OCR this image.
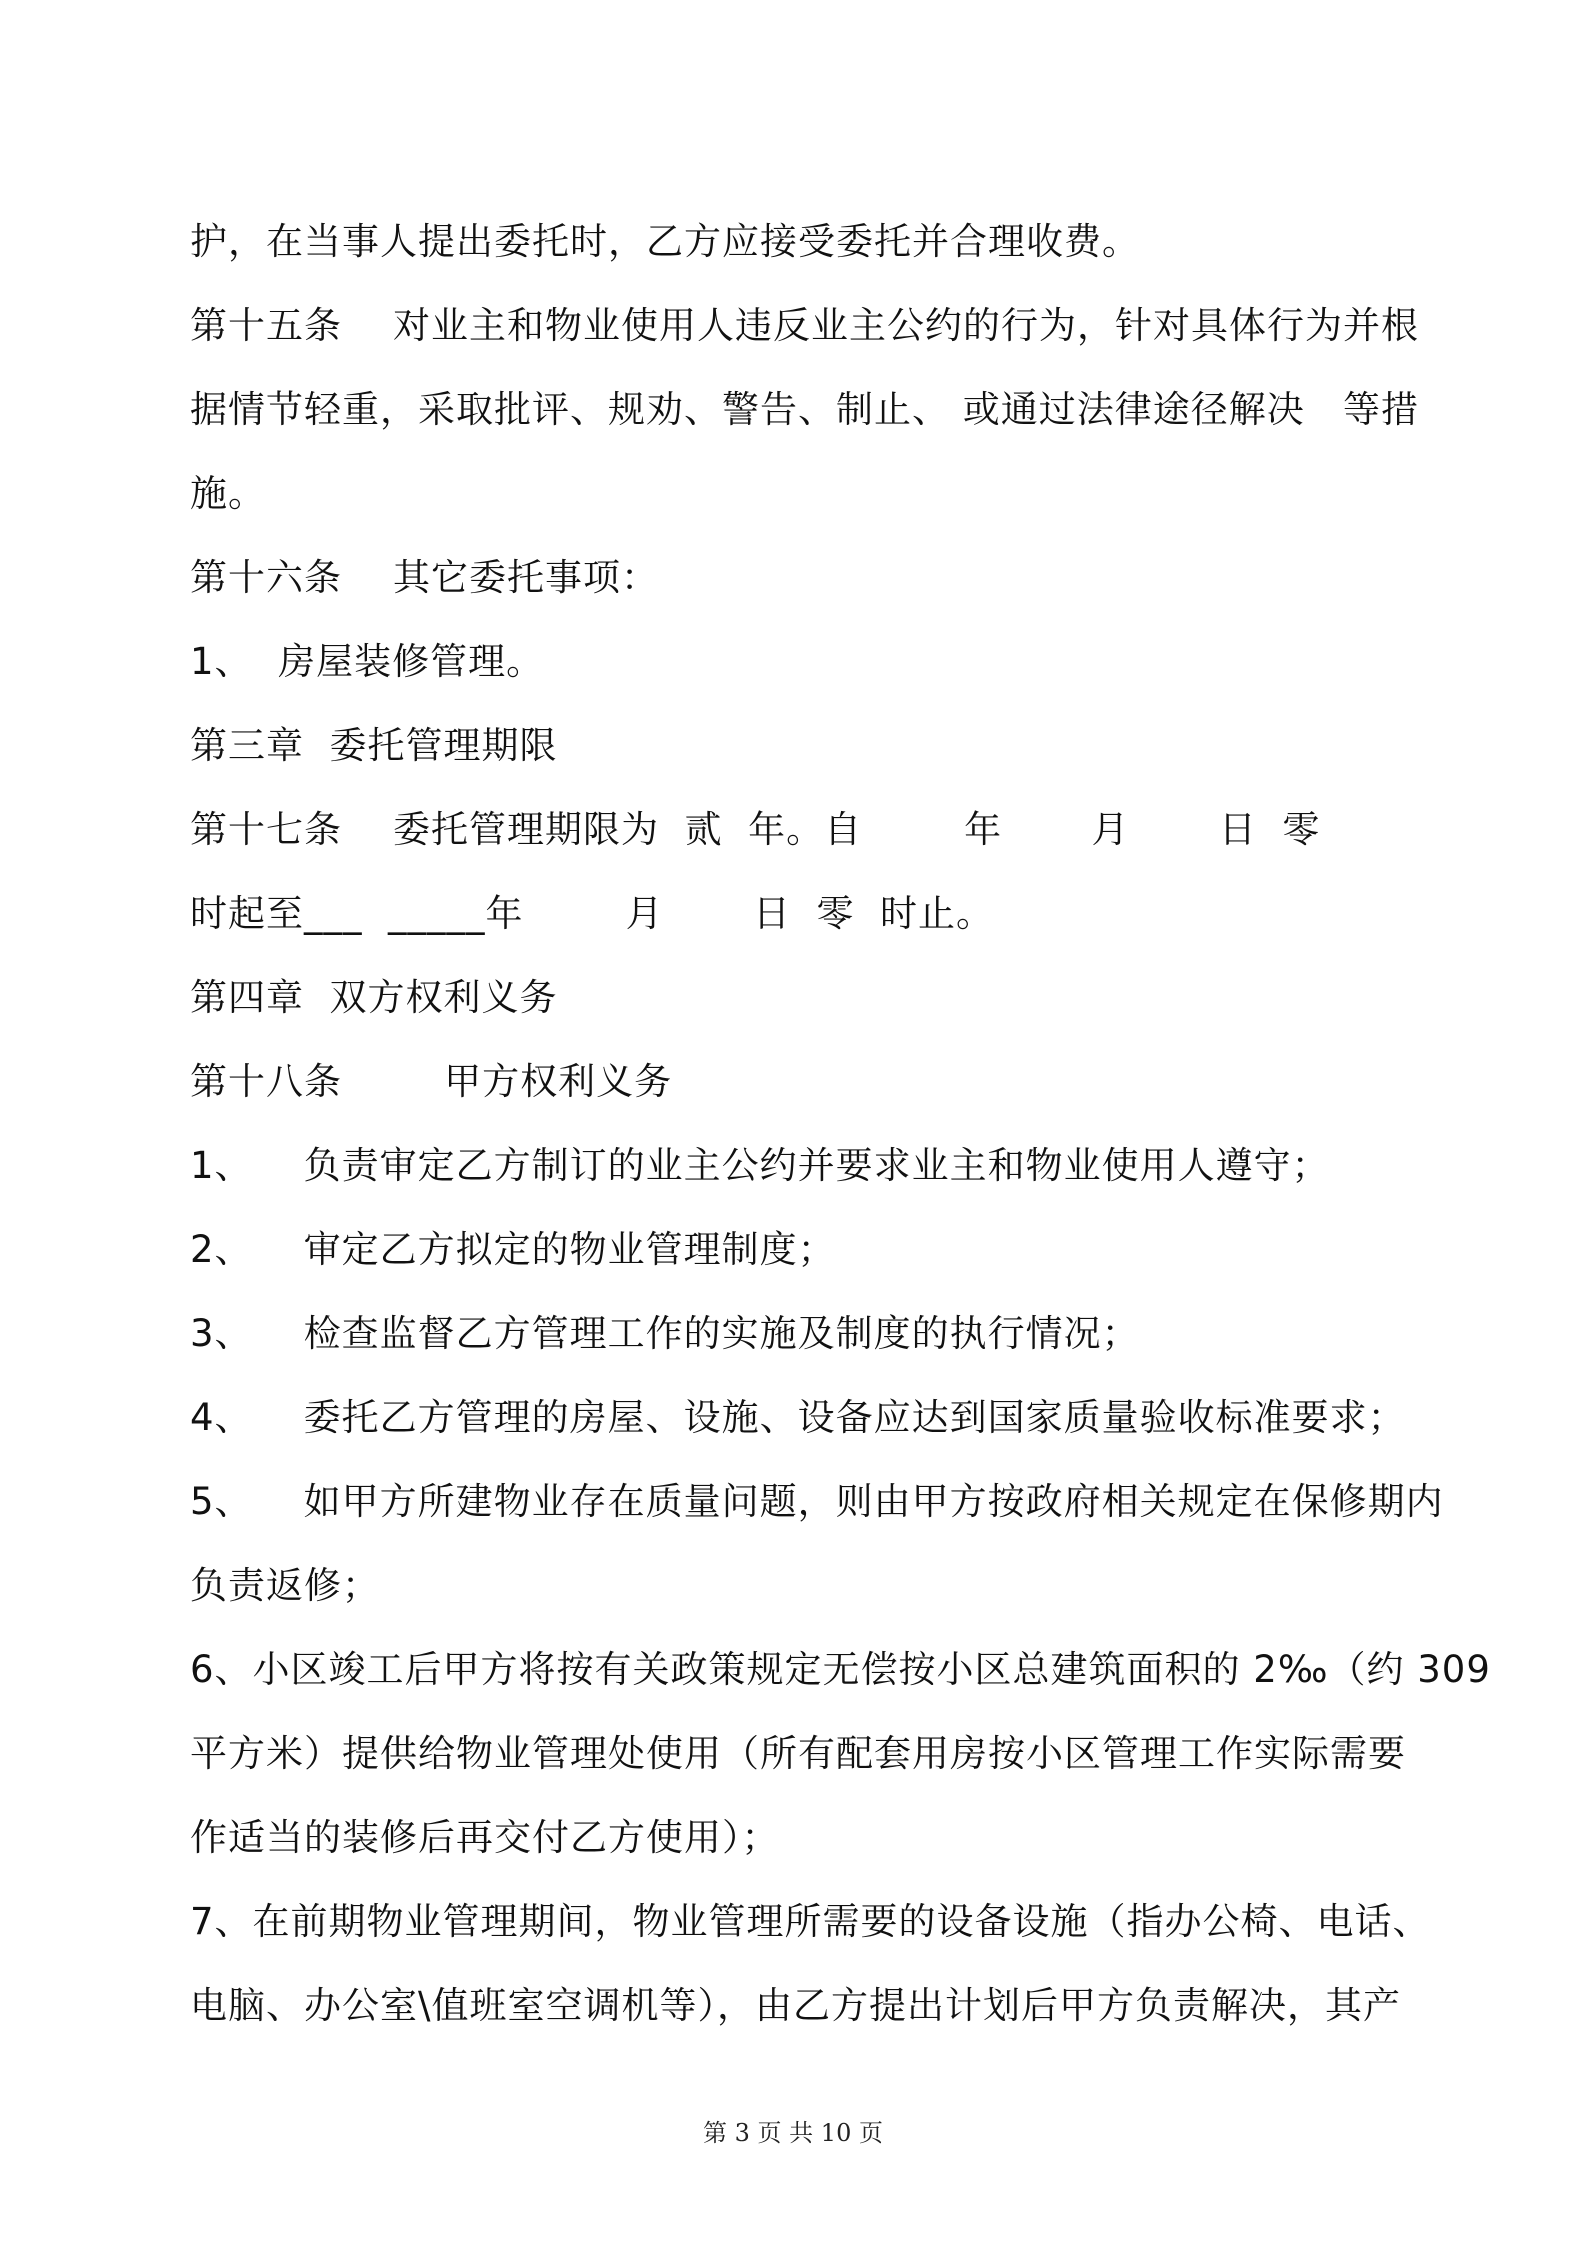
护，在当事人提出委托时，乙方应接受委托并合理收费。
第十五条    对业主和物业使用人违反业主公约的行为，针对具体行为并根
据情节轻重，采取批评、规劝、警告、制止、 或通过法律途径解决   等措
施。
第十六条    其它委托事项：
1、  房屋装修管理。
第三章  委托管理期限
第十七条    委托管理期限为  贰  年。自        年       月       日  零
时起至___  _____年        月       日  零  时止。
第四章  双方权利义务
第十八条        甲方权利义务
1、    负责审定乙方制订的业主公约并要求业主和物业使用人遵守；
2、    审定乙方拟定的物业管理制度；
3、    检查监督乙方管理工作的实施及制度的执行情况；
4、    委托乙方管理的房屋、设施、设备应达到国家质量验收标准要求；
5、    如甲方所建物业存在质量问题，则由甲方按政府相关规定在保修期内
负责返修；
6、小区竣工后甲方将按有关政策规定无偿按小区总建筑面积的 2‰（约 309
平方米）提供给物业管理处使用（所有配套用房按小区管理工作实际需要
作适当的装修后再交付乙方使用）；
7、在前期物业管理期间，物业管理所需要的设备设施（指办公椅、电话、
电脑、办公室\值班室空调机等），由乙方提出计划后甲方负责解决，其产
第 3 页 共 10 页
